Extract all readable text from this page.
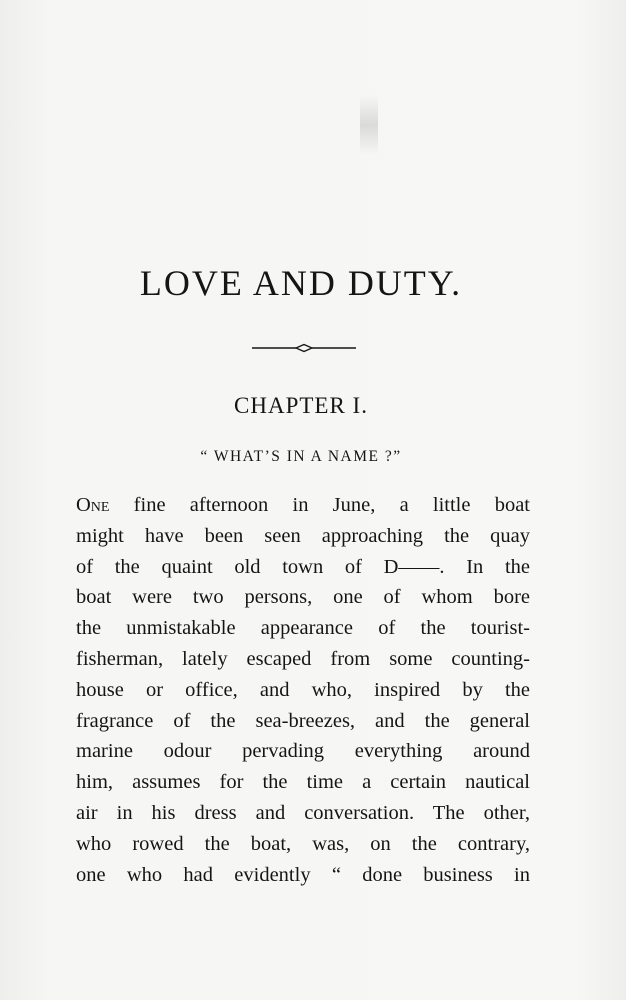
LOVE AND DUTY.
CHAPTER I.
“ WHAT’S IN A NAME ?”
One fine afternoon in June, a little boat
might have been seen approaching the quay
of the quaint old town of D——. In the
boat were two persons, one of whom bore
the unmistakable appearance of the tourist-
fisherman, lately escaped from some counting-
house or office, and who, inspired by the
fragrance of the sea-breezes, and the general
marine odour pervading everything around
him, assumes for the time a certain nautical
air in his dress and conversation. The other,
who rowed the boat, was, on the contrary,
one who had evidently “ done business in
